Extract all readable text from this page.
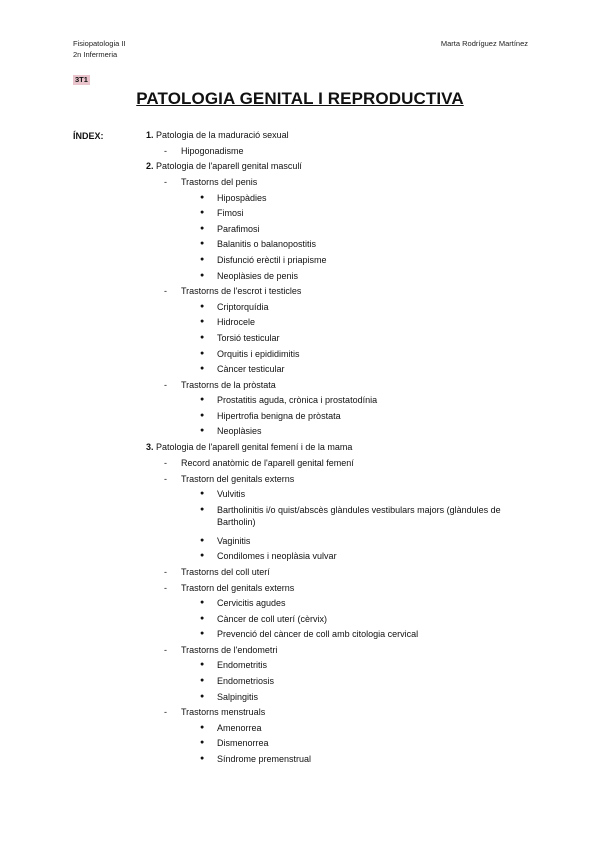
Fisiopatologia II
2n Infermeria
Marta Rodríguez Martínez
3T1
PATOLOGIA GENITAL I REPRODUCTIVA
ÍNDEX:	1. Patologia de la maduració sexual
- Hipogonadisme
2. Patologia de l'aparell genital masculí
- Trastorns del penis
● Hipospàdies
● Fimosi
● Parafimosi
● Balanitis o balanopostitis
● Disfunció erèctil i priapisme
● Neoplàsies de penis
- Trastorns de l'escrot i testicles
● Criptorquídia
● Hidrocele
● Torsió testicular
● Orquitis i epididimitis
● Càncer testicular
- Trastorns de la pròstata
● Prostatitis aguda, crònica i prostatodínia
● Hipertrofia benigna de pròstata
● Neoplàsies
3. Patologia de l'aparell genital femení i de la mama
- Record anatòmic de l'aparell genital femení
- Trastorn del genitals externs
● Vulvitis
● Bartholinitis i/o quist/abscès glàndules vestibulars majors (glàndules de Bartholin)
● Vaginitis
● Condilomes i neoplàsia vulvar
- Trastorns del coll uterí
- Trastorn del genitals externs
● Cervicitis agudes
● Càncer de coll uterí (cèrvix)
● Prevenció del càncer de coll amb citologia cervical
- Trastorns de l'endometri
● Endometritis
● Endometriosis
● Salpingitis
- Trastorns menstruals
● Amenorrea
● Dismenorrea
● Síndrome premenstrual
